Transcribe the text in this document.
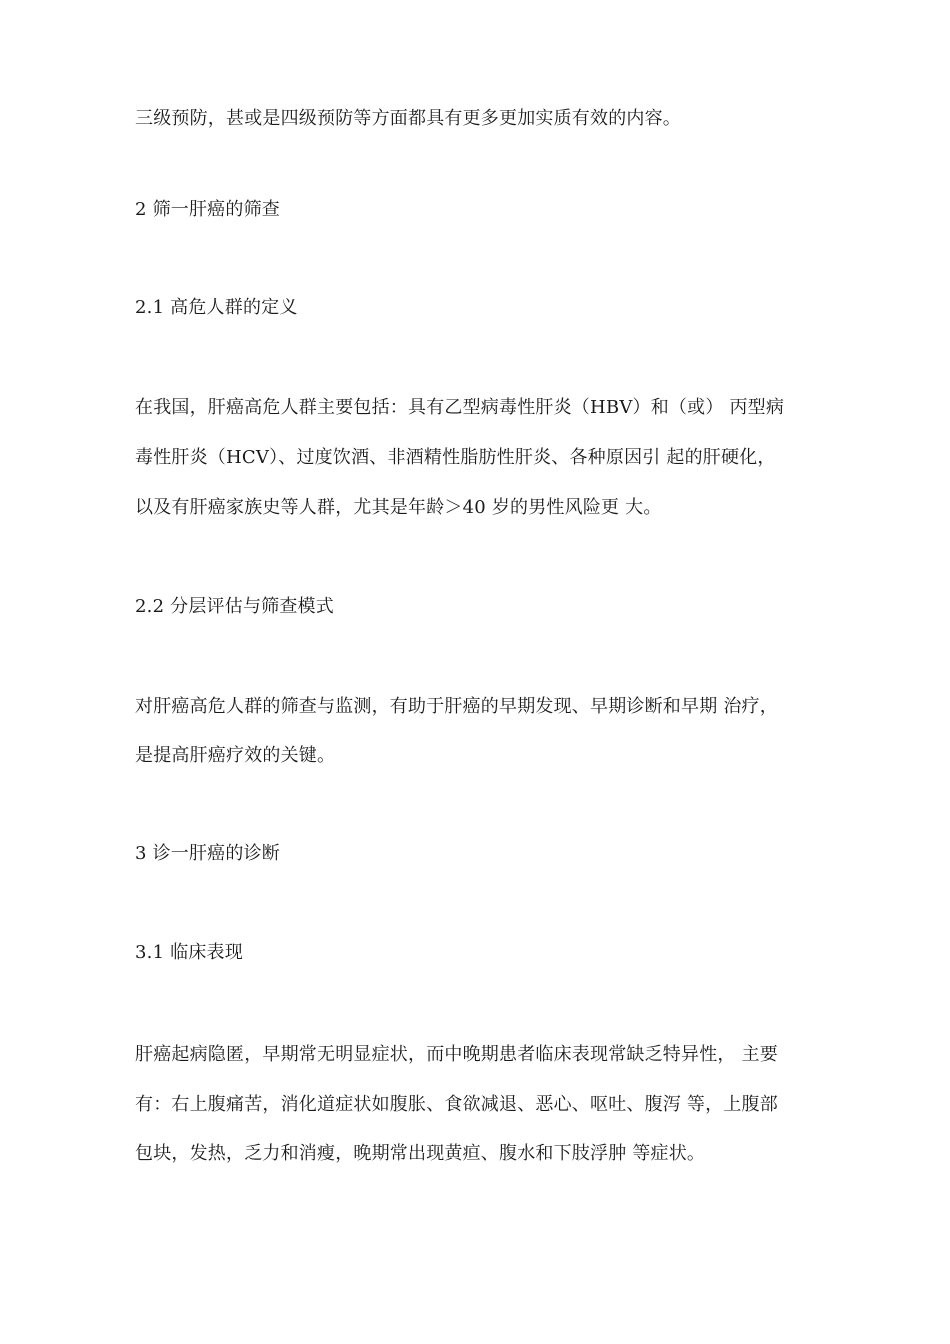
三级预防，甚或是四级预防等方面都具有更多更加实质有效的内容。
2 筛一肝癌的筛查
2.1 高危人群的定义
在我国，肝癌高危人群主要包括：具有乙型病毒性肝炎（HBV）和（或） 丙型病
毒性肝炎（HCV）、过度饮酒、非酒精性脂肪性肝炎、各种原因引 起的肝硬化，
以及有肝癌家族史等人群，尤其是年龄＞40 岁的男性风险更 大。
2.2 分层评估与筛查模式
对肝癌高危人群的筛查与监测，有助于肝癌的早期发现、早期诊断和早期 治疗，
是提高肝癌疗效的关键。
3 诊一肝癌的诊断
3.1 临床表现
肝癌起病隐匿，早期常无明显症状，而中晚期患者临床表现常缺乏特异性， 主要
有：右上腹痛苦，消化道症状如腹胀、食欲减退、恶心、呕吐、腹泻 等，上腹部
包块，发热，乏力和消瘦，晚期常出现黄疸、腹水和下肢浮肿 等症状。
